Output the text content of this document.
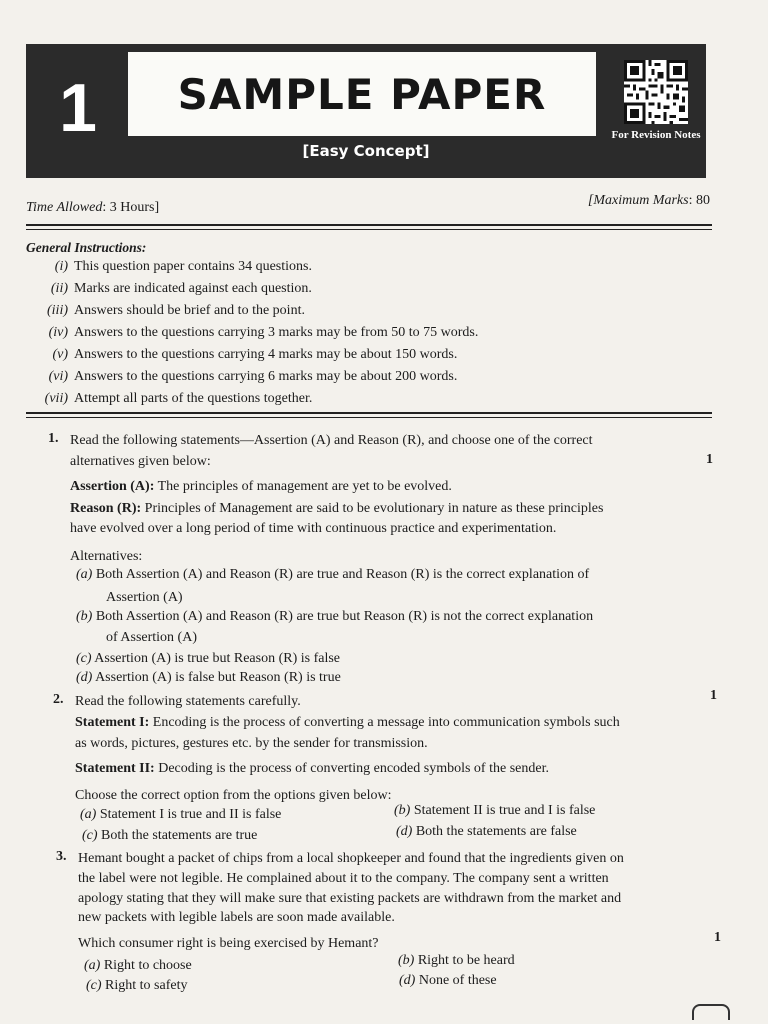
1	SAMPLE PAPER
[Easy Concept]
For Revision Notes
Time Allowed: 3 Hours]	[Maximum Marks: 80
General Instructions:
(i) This question paper contains 34 questions.
(ii) Marks are indicated against each question.
(iii) Answers should be brief and to the point.
(iv) Answers to the questions carrying 3 marks may be from 50 to 75 words.
(v) Answers to the questions carrying 4 marks may be about 150 words.
(vi) Answers to the questions carrying 6 marks may be about 200 words.
(vii) Attempt all parts of the questions together.
1. Read the following statements—Assertion (A) and Reason (R), and choose one of the correct
alternatives given below:	1
Assertion (A): The principles of management are yet to be evolved.
Reason (R): Principles of Management are said to be evolutionary in nature as these principles
have evolved over a long period of time with continuous practice and experimentation.
Alternatives:
(a) Both Assertion (A) and Reason (R) are true and Reason (R) is the correct explanation of
Assertion (A)
(b) Both Assertion (A) and Reason (R) are true but Reason (R) is not the correct explanation
of Assertion (A)
(c) Assertion (A) is true but Reason (R) is false
(d) Assertion (A) is false but Reason (R) is true
2. Read the following statements carefully.	1
Statement I: Encoding is the process of converting a message into communication symbols such
as words, pictures, gestures etc. by the sender for transmission.
Statement II: Decoding is the process of converting encoded symbols of the sender.
Choose the correct option from the options given below:
(a) Statement I is true and II is false	(b) Statement II is true and I is false
(c) Both the statements are true	(d) Both the statements are false
3. Hemant bought a packet of chips from a local shopkeeper and found that the ingredients given on
the label were not legible. He complained about it to the company. The company sent a written
apology stating that they will make sure that existing packets are withdrawn from the market and
new packets with legible labels are soon made available.
Which consumer right is being exercised by Hemant?	1
(a) Right to choose	(b) Right to be heard
(c) Right to safety	(d) None of these
